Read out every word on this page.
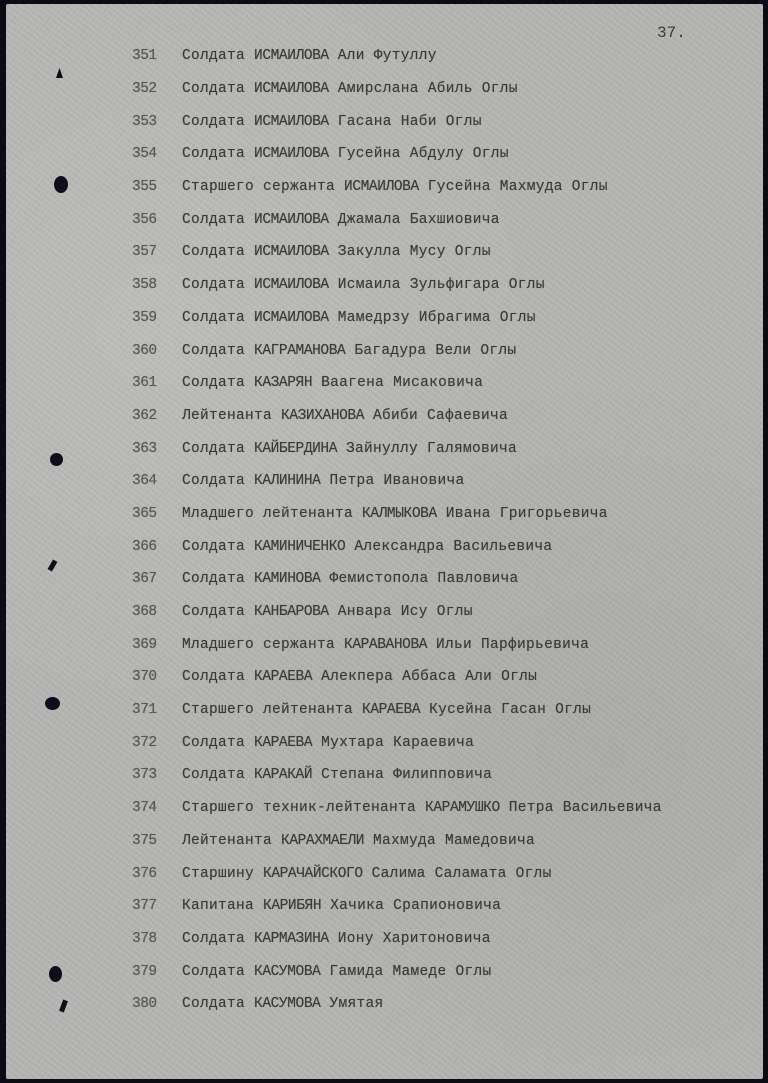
37.
351	Солдата ИСМАИЛОВА Али Футуллу
352	Солдата ИСМАИЛОВА Амирсланa Абиль Оглы
353	Солдата ИСМАИЛОВА Гасана Наби Оглы
354	Солдата ИСМАИЛОВА Гусейна Абдулу Оглы
355	Старшего сержанта ИСМАИЛОВА Гусейна Махмуда Оглы
356	Солдата ИСМАИЛОВА Джамала Бахшиовича
357	Солдата ИСМАИЛОВА Закулла Мусу Оглы
358	Солдата ИСМАИЛОВА Исмаила Зульфигара Оглы
359	Солдата ИСМАИЛОВА Мамедрзу Ибрагима Оглы
360	Солдата КАГРАМАНОВА Багадура Вели Оглы
361	Солдата КАЗАРЯН Ваагена Мисаковича
362	Лейтенанта КАЗИХАНОВА Абиби Сафаевича
363	Солдата КАЙБЕРДИНА Зайнуллу Галямовича
364	Солдата КАЛИНИНА Петра Ивановича
365	Младшего лейтенанта КАЛМЫКОВА Ивана Григорьевича
366	Солдата КАМИНИЧЕНКО Александра Васильевича
367	Солдата КАМИНОВА Фемистопола Павловича
368	Солдата КАНБАРОВА Анвара Ису Оглы
369	Младшего сержанта КАРАВАНОВА Ильи Парфирьевича
370	Солдата КАРАЕВА Алекпера Аббаса Али Оглы
371	Старшего лейтенанта КАРАЕВА Кусейна Гасан Оглы
372	Солдата КАРАЕВА Мухтара Караевича
373	Солдата КАРАКАЙ Степана Филипповича
374	Старшего техник-лейтенанта КАРАМУШКО Петра Васильевича
375	Лейтенанта КАРАХМАЕЛИ Махмуда Мамедовича
376	Старшину КАРАЧАЙСКОГО Салима Саламата Оглы
377	Капитана КАРИБЯН Хачика Срапионовича
378	Солдата КАРМАЗИНА Иону Харитоновича
379	Солдата КАСУМОВА Гамида Мамеде Оглы
380	Солдата КАСУМОВА Умятая
